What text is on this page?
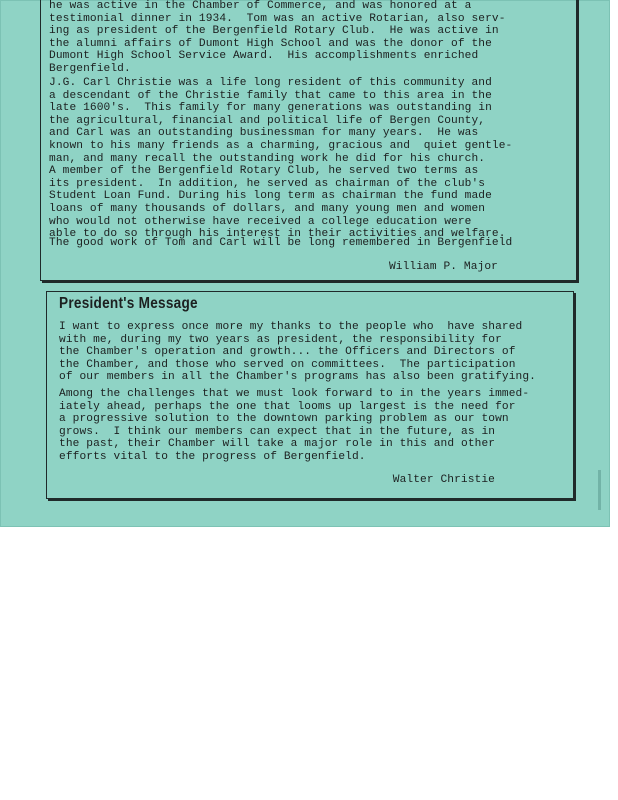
he was active in the Chamber of Commerce, and was honored at a
testimonial dinner in 1934.  Tom was an active Rotarian, also serv-
ing as president of the Bergenfield Rotary Club.  He was active in
the alumni affairs of Dumont High School and was the donor of the
Dumont High School Service Award.  His accomplishments enriched
Bergenfield.
J.G. Carl Christie was a life long resident of this community and
a descendant of the Christie family that came to this area in the
late 1600's.  This family for many generations was outstanding in
the agricultural, financial and political life of Bergen County,
and Carl was an outstanding businessman for many years.  He was
known to his many friends as a charming, gracious and  quiet gentle-
man, and many recall the outstanding work he did for his church.
A member of the Bergenfield Rotary Club, he served two terms as
its president.  In addition, he served as chairman of the club's
Student Loan Fund. During his long term as chairman the fund made
loans of many thousands of dollars, and many young men and women
who would not otherwise have received a college education were
able to do so through his interest in their activities and welfare.
The good work of Tom and Carl will be long remembered in Bergenfield
William P. Major
President's Message
I want to express once more my thanks to the people who  have shared
with me, during my two years as president, the responsibility for
the Chamber's operation and growth... the Officers and Directors of
the Chamber, and those who served on committees.  The participation
of our members in all the Chamber's programs has also been gratifying.
Among the challenges that we must look forward to in the years immed-
iately ahead, perhaps the one that looms up largest is the need for
a progressive solution to the downtown parking problem as our town
grows.  I think our members can expect that in the future, as in
the past, their Chamber will take a major role in this and other
efforts vital to the progress of Bergenfield.
Walter Christie
